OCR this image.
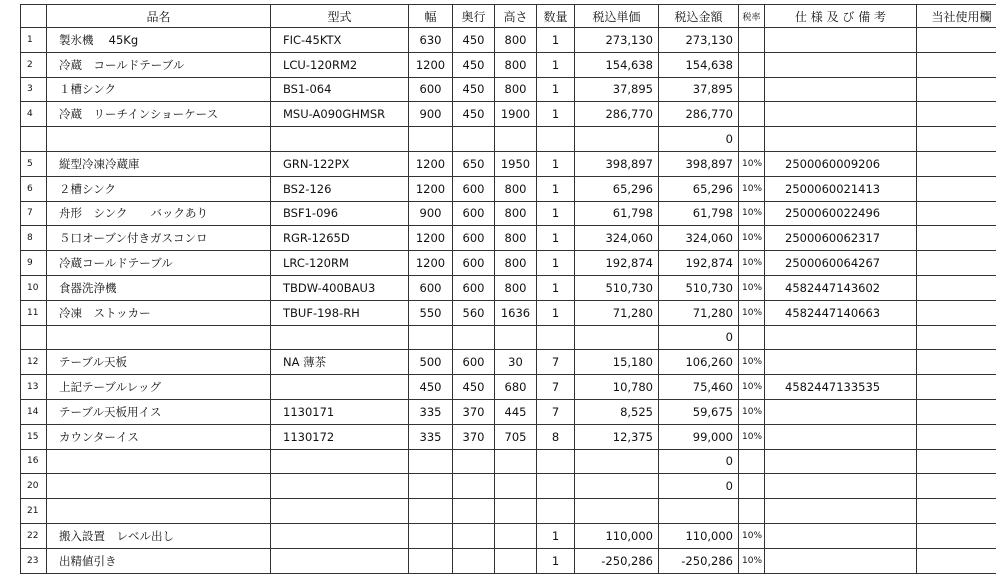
	品名	型式	幅	奥行	高さ	数量	税込単価	税込金額	税率	仕 様 及 び 備 考	当社使用欄
1	製氷機　 45Kg	FIC-45KTX	630	450	800	1	273,130	273,130			
2	冷蔵　コールドテーブル	LCU-120RM2	1200	450	800	1	154,638	154,638			
3	１槽シンク	BS1-064	600	450	800	1	37,895	37,895			
4	冷蔵　リーチインショーケース	MSU-A090GHMSR	900	450	1900	1	286,770	286,770			
								0			
5	縦型冷凍冷蔵庫	GRN-122PX	1200	650	1950	1	398,897	398,897	10%	2500060009206	
6	２槽シンク	BS2-126	1200	600	800	1	65,296	65,296	10%	2500060021413	
7	舟形　シンク　　バックあり	BSF1-096	900	600	800	1	61,798	61,798	10%	2500060022496	
8	５口オーブン付きガスコンロ	RGR-1265D	1200	600	800	1	324,060	324,060	10%	2500060062317	
9	冷蔵コールドテーブル	LRC-120RM	1200	600	800	1	192,874	192,874	10%	2500060064267	
10	食器洗浄機	TBDW-400BAU3	600	600	800	1	510,730	510,730	10%	4582447143602	
11	冷凍　ストッカー	TBUF-198-RH	550	560	1636	1	71,280	71,280	10%	4582447140663	
								0			
12	テーブル天板	NA 薄茶	500	600	30	7	15,180	106,260	10%		
13	上記テーブルレッグ		450	450	680	7	10,780	75,460	10%	4582447133535	
14	テーブル天板用イス	1130171	335	370	445	7	8,525	59,675	10%		
15	カウンターイス	1130172	335	370	705	8	12,375	99,000	10%		
16								0			
20								0			
21											
22	搬入設置　レベル出し					1	110,000	110,000	10%		
23	出精値引き					1	-250,286	-250,286	10%		
